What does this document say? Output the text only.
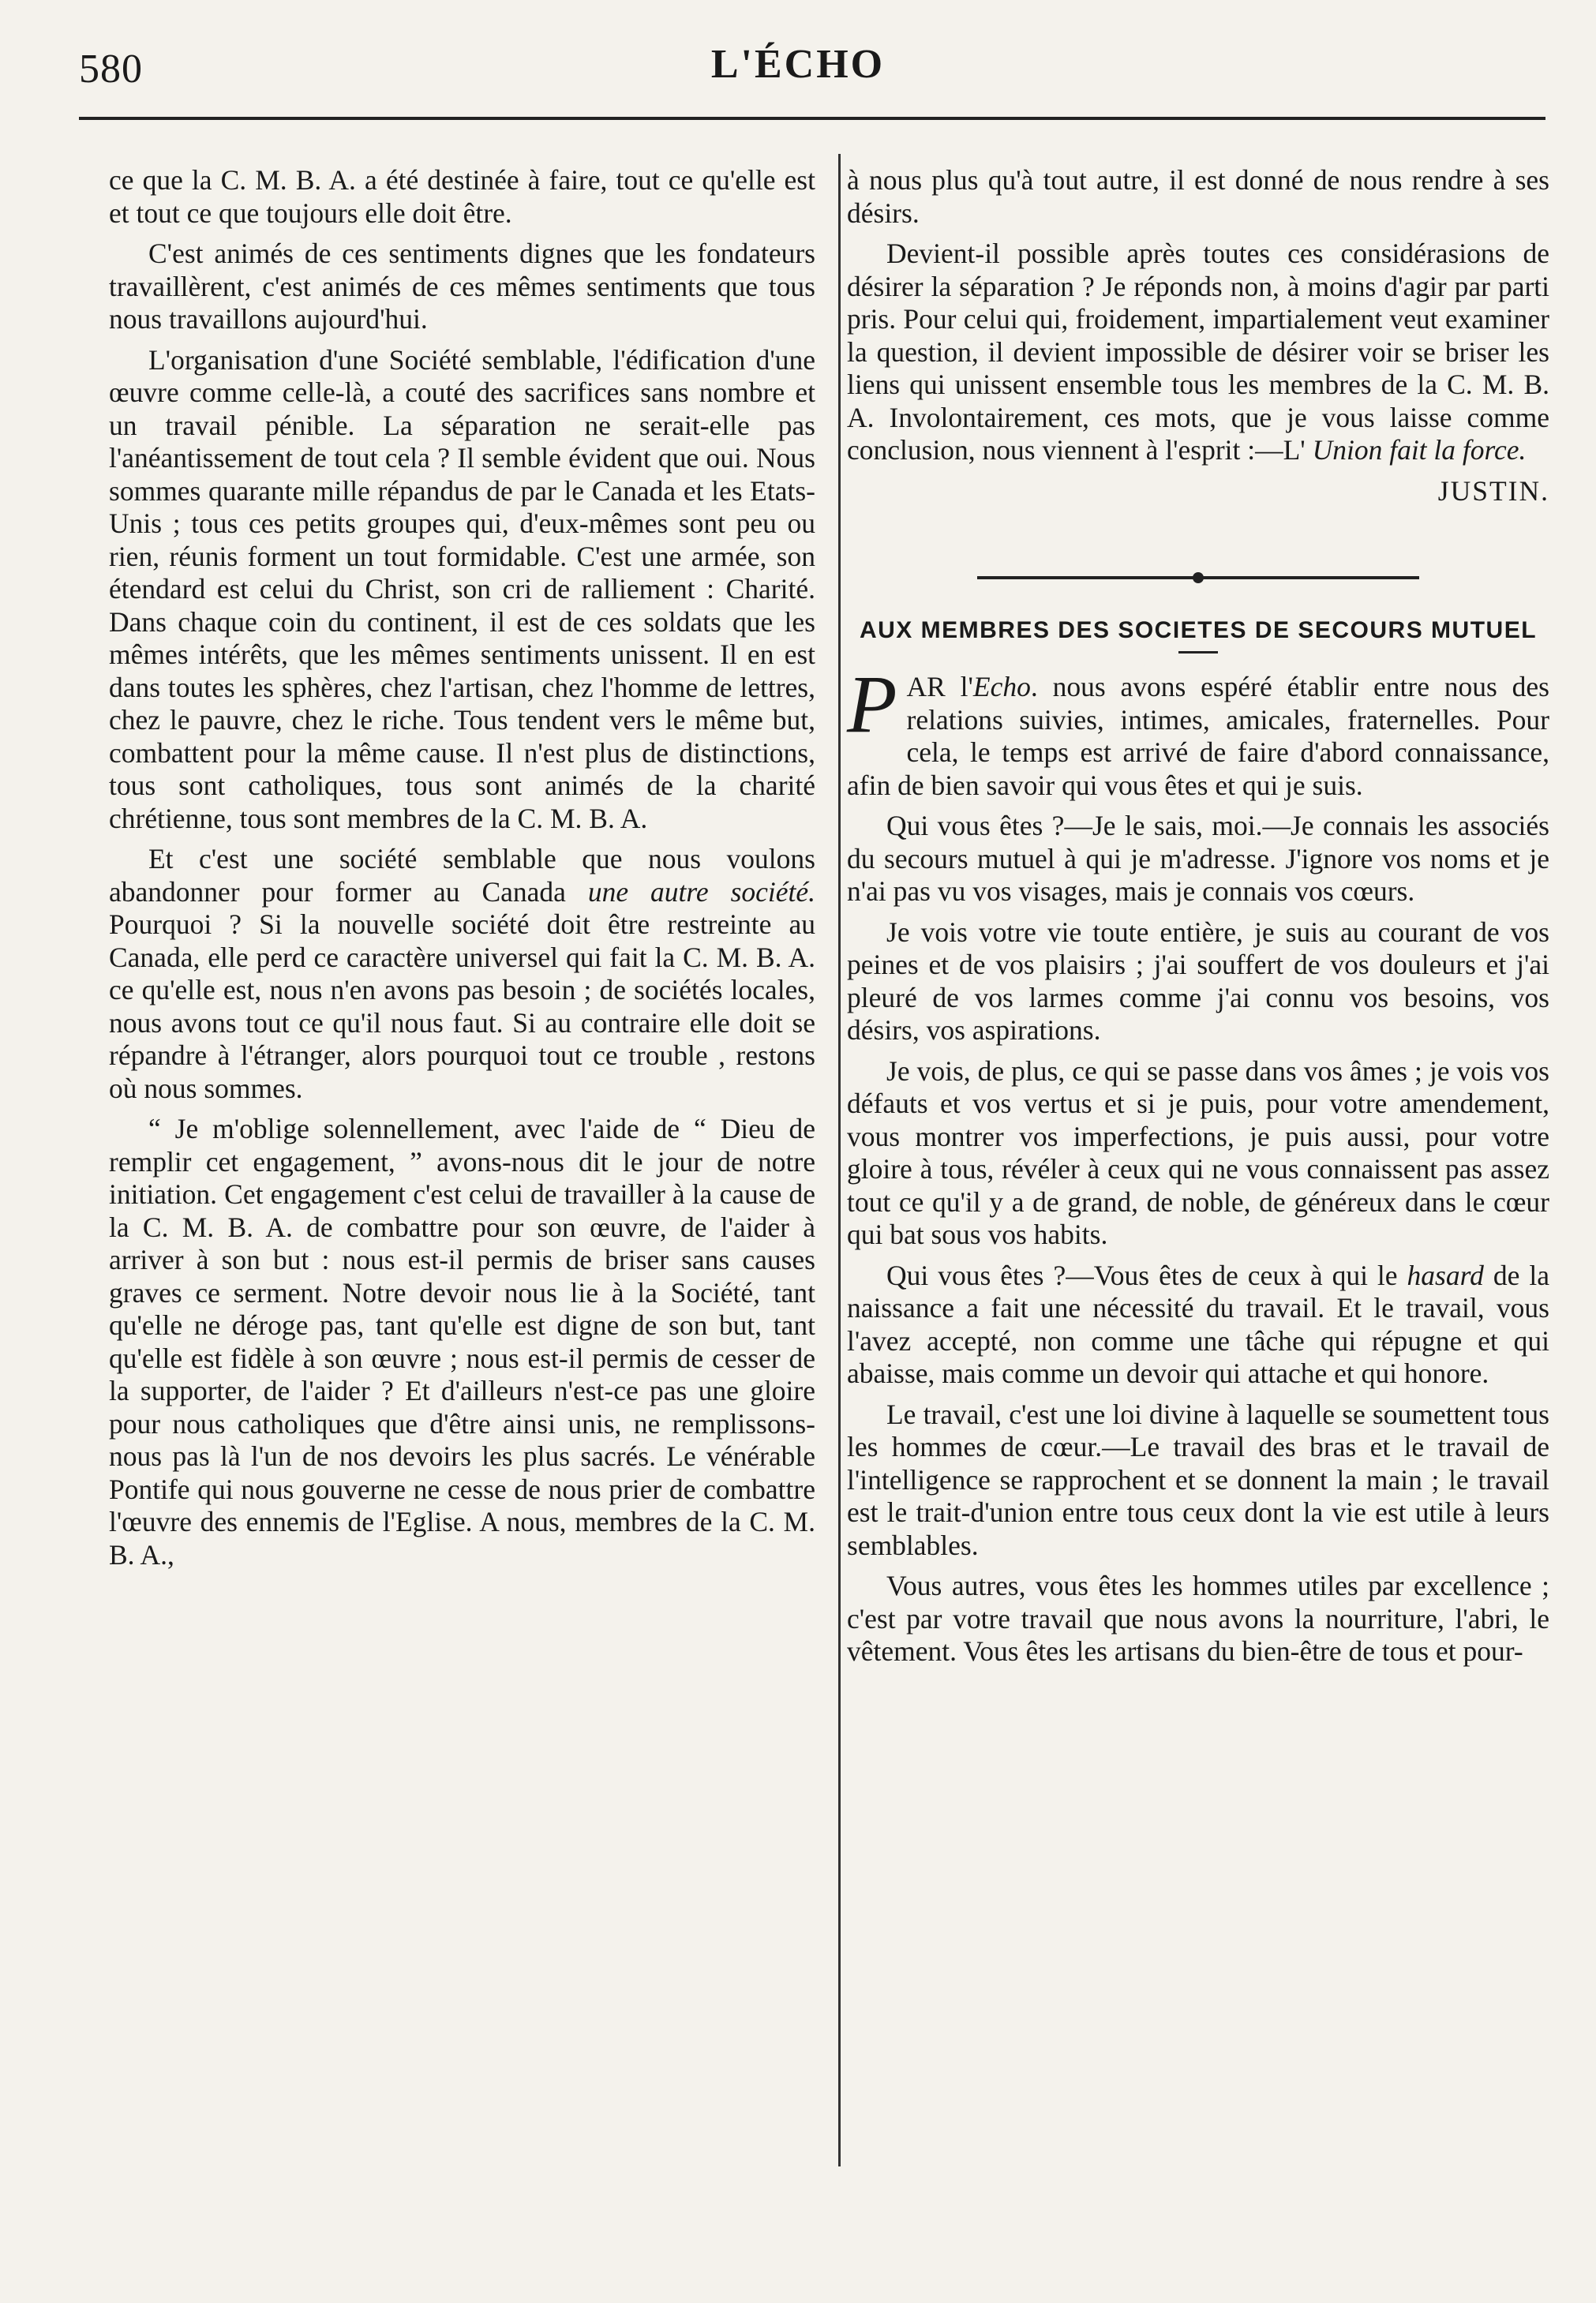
580	L'ÉCHO

ce que la C. M. B. A. a été destinée à faire, tout ce qu'elle est et tout ce que toujours elle doit être.

C'est animés de ces sentiments dignes que les fondateurs travaillèrent, c'est animés de ces mêmes sentiments que tous nous travaillons aujourd'hui.

L'organisation d'une Société semblable, l'édification d'une œuvre comme celle-là, a couté des sacrifices sans nombre et un travail pénible. La séparation ne serait-elle pas l'anéantissement de tout cela ? Il semble évident que oui. Nous sommes quarante mille répandus de par le Canada et les Etats-Unis ; tous ces petits groupes qui, d'eux-mêmes sont peu ou rien, réunis forment un tout formidable. C'est une armée, son étendard est celui du Christ, son cri de ralliement : Charité. Dans chaque coin du continent, il est de ces soldats que les mêmes intérêts, que les mêmes sentiments unissent. Il en est dans toutes les sphères, chez l'artisan, chez l'homme de lettres, chez le pauvre, chez le riche. Tous tendent vers le même but, combattent pour la même cause. Il n'est plus de distinctions, tous sont catholiques, tous sont animés de la charité chrétienne, tous sont membres de la C. M. B. A.

Et c'est une société semblable que nous voulons abandonner pour former au Canada une autre société. Pourquoi ? Si la nouvelle société doit être restreinte au Canada, elle perd ce caractère universel qui fait la C. M. B. A. ce qu'elle est, nous n'en avons pas besoin ; de sociétés locales, nous avons tout ce qu'il nous faut. Si au contraire elle doit se répandre à l'étranger, alors pourquoi tout ce trouble , restons où nous sommes.

“ Je m'oblige solennellement, avec l'aide de “ Dieu de remplir cet engagement, ” avons-nous dit le jour de notre initiation. Cet engagement c'est celui de travailler à la cause de la C. M. B. A. de combattre pour son œuvre, de l'aider à arriver à son but : nous est-il permis de briser sans causes graves ce serment. Notre devoir nous lie à la Société, tant qu'elle ne déroge pas, tant qu'elle est digne de son but, tant qu'elle est fidèle à son œuvre ; nous est-il permis de cesser de la supporter, de l'aider ? Et d'ailleurs n'est-ce pas une gloire pour nous catholiques que d'être ainsi unis, ne remplissons-nous pas là l'un de nos devoirs les plus sacrés. Le vénérable Pontife qui nous gouverne ne cesse de nous prier de combattre l'œuvre des ennemis de l'Eglise. A nous, membres de la C. M. B. A.,

à nous plus qu'à tout autre, il est donné de nous rendre à ses désirs.

Devient-il possible après toutes ces considérasions de désirer la séparation ? Je réponds non, à moins d'agir par parti pris. Pour celui qui, froidement, impartialement veut examiner la question, il devient impossible de désirer voir se briser les liens qui unissent ensemble tous les membres de la C. M. B. A. Involontairement, ces mots, que je vous laisse comme conclusion, nous viennent à l'esprit :—L' Union fait la force.

JUSTIN.

AUX MEMBRES DES SOCIETES DE SECOURS MUTUEL

PAR l'Echo. nous avons espéré établir entre nous des relations suivies, intimes, amicales, fraternelles. Pour cela, le temps est arrivé de faire d'abord connaissance, afin de bien savoir qui vous êtes et qui je suis.

Qui vous êtes ?—Je le sais, moi.—Je connais les associés du secours mutuel à qui je m'adresse. J'ignore vos noms et je n'ai pas vu vos visages, mais je connais vos cœurs.

Je vois votre vie toute entière, je suis au courant de vos peines et de vos plaisirs ; j'ai souffert de vos douleurs et j'ai pleuré de vos larmes comme j'ai connu vos besoins, vos désirs, vos aspirations.

Je vois, de plus, ce qui se passe dans vos âmes ; je vois vos défauts et vos vertus et si je puis, pour votre amendement, vous montrer vos imperfections, je puis aussi, pour votre gloire à tous, révéler à ceux qui ne vous connaissent pas assez tout ce qu'il y a de grand, de noble, de généreux dans le cœur qui bat sous vos habits.

Qui vous êtes ?—Vous êtes de ceux à qui le hasard de la naissance a fait une nécessité du travail. Et le travail, vous l'avez accepté, non comme une tâche qui répugne et qui abaisse, mais comme un devoir qui attache et qui honore.

Le travail, c'est une loi divine à laquelle se soumettent tous les hommes de cœur.—Le travail des bras et le travail de l'intelligence se rapprochent et se donnent la main ; le travail est le trait-d'union entre tous ceux dont la vie est utile à leurs semblables.

Vous autres, vous êtes les hommes utiles par excellence ; c'est par votre travail que nous avons la nourriture, l'abri, le vêtement. Vous êtes les artisans du bien-être de tous et pour-
